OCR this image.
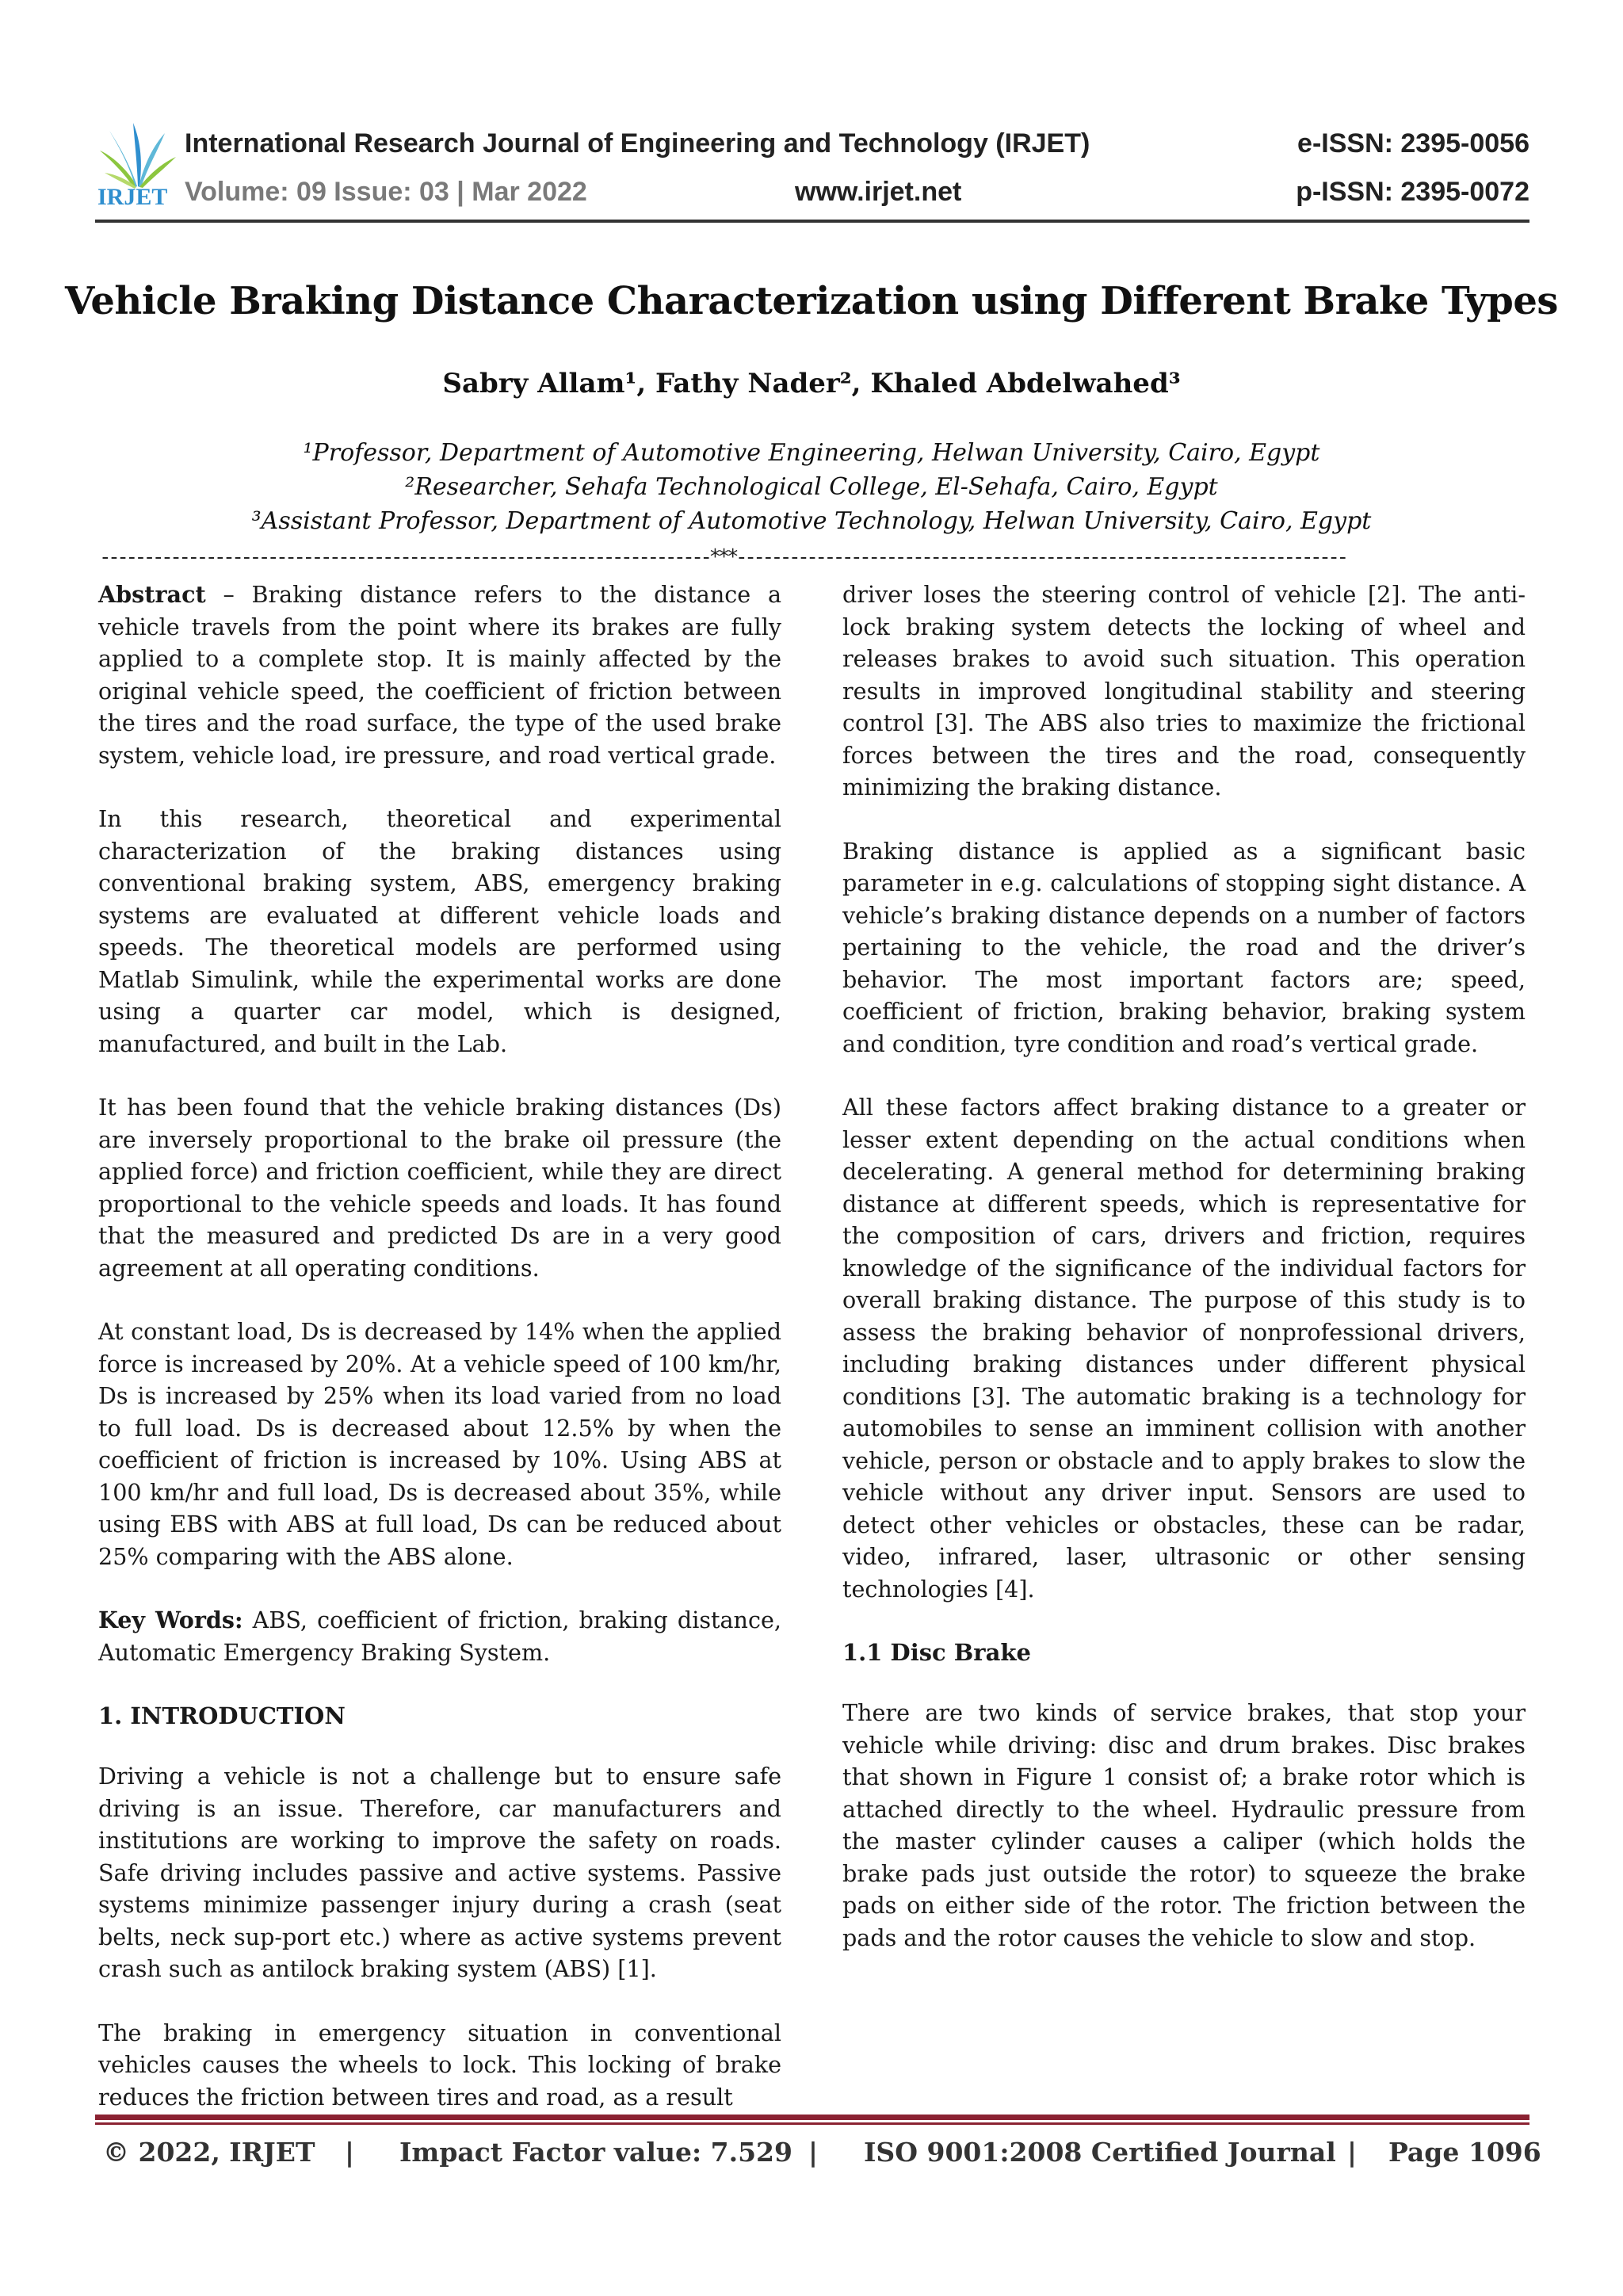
IRJET
International Research Journal of Engineering and Technology (IRJET)
Volume: 09 Issue: 03 | Mar 2022	www.irjet.net
e-ISSN: 2395-0056
p-ISSN: 2395-0072
Vehicle Braking Distance Characterization using Different Brake Types
Sabry Allam¹, Fathy Nader², Khaled Abdelwahed³
¹Professor, Department of Automotive Engineering, Helwan University, Cairo, Egypt
²Researcher, Sehafa Technological College, El-Sehafa, Cairo, Egypt
³Assistant Professor, Department of Automotive Technology, Helwan University, Cairo, Egypt
---------------------------------------------------------------------***---------------------------------------------------------------------

Abstract – Braking distance refers to the distance a vehicle travels from the point where its brakes are fully applied to a complete stop. It is mainly affected by the original vehicle speed, the coefficient of friction between the tires and the road surface, the type of the used brake system, vehicle load, ire pressure, and road vertical grade.

In this research, theoretical and experimental characterization of the braking distances using conventional braking system, ABS, emergency braking systems are evaluated at different vehicle loads and speeds. The theoretical models are performed using Matlab Simulink, while the experimental works are done using a quarter car model, which is designed, manufactured, and built in the Lab.

It has been found that the vehicle braking distances (Ds) are inversely proportional to the brake oil pressure (the applied force) and friction coefficient, while they are direct proportional to the vehicle speeds and loads. It has found that the measured and predicted Ds are in a very good agreement at all operating conditions.

At constant load, Ds is decreased by 14% when the applied force is increased by 20%. At a vehicle speed of 100 km/hr, Ds is increased by 25% when its load varied from no load to full load. Ds is decreased about 12.5% by when the coefficient of friction is increased by 10%. Using ABS at 100 km/hr and full load, Ds is decreased about 35%, while using EBS with ABS at full load, Ds can be reduced about 25% comparing with the ABS alone.

Key Words: ABS, coefficient of friction, braking distance, Automatic Emergency Braking System.

1. INTRODUCTION

Driving a vehicle is not a challenge but to ensure safe driving is an issue. Therefore, car manufacturers and institutions are working to improve the safety on roads. Safe driving includes passive and active systems. Passive systems minimize passenger injury during a crash (seat belts, neck sup-port etc.) where as active systems prevent crash such as antilock braking system (ABS) [1].

The braking in emergency situation in conventional vehicles causes the wheels to lock. This locking of brake reduces the friction between tires and road, as a result

driver loses the steering control of vehicle [2]. The anti-lock braking system detects the locking of wheel and releases brakes to avoid such situation. This operation results in improved longitudinal stability and steering control [3]. The ABS also tries to maximize the frictional forces between the tires and the road, consequently minimizing the braking distance.

Braking distance is applied as a significant basic parameter in e.g. calculations of stopping sight distance. A vehicle’s braking distance depends on a number of factors pertaining to the vehicle, the road and the driver’s behavior. The most important factors are; speed, coefficient of friction, braking behavior, braking system and condition, tyre condition and road’s vertical grade.

All these factors affect braking distance to a greater or lesser extent depending on the actual conditions when decelerating. A general method for determining braking distance at different speeds, which is representative for the composition of cars, drivers and friction, requires knowledge of the significance of the individual factors for overall braking distance. The purpose of this study is to assess the braking behavior of nonprofessional drivers, including braking distances under different physical conditions [3]. The automatic braking is a technology for automobiles to sense an imminent collision with another vehicle, person or obstacle and to apply brakes to slow the vehicle without any driver input. Sensors are used to detect other vehicles or obstacles, these can be radar, video, infrared, laser, ultrasonic or other sensing technologies [4].

1.1 Disc Brake

There are two kinds of service brakes, that stop your vehicle while driving: disc and drum brakes. Disc brakes that shown in Figure 1 consist of; a brake rotor which is attached directly to the wheel. Hydraulic pressure from the master cylinder causes a caliper (which holds the brake pads just outside the rotor) to squeeze the brake pads on either side of the rotor. The friction between the pads and the rotor causes the vehicle to slow and stop.

© 2022, IRJET | Impact Factor value: 7.529 | ISO 9001:2008 Certified Journal | Page 1096
